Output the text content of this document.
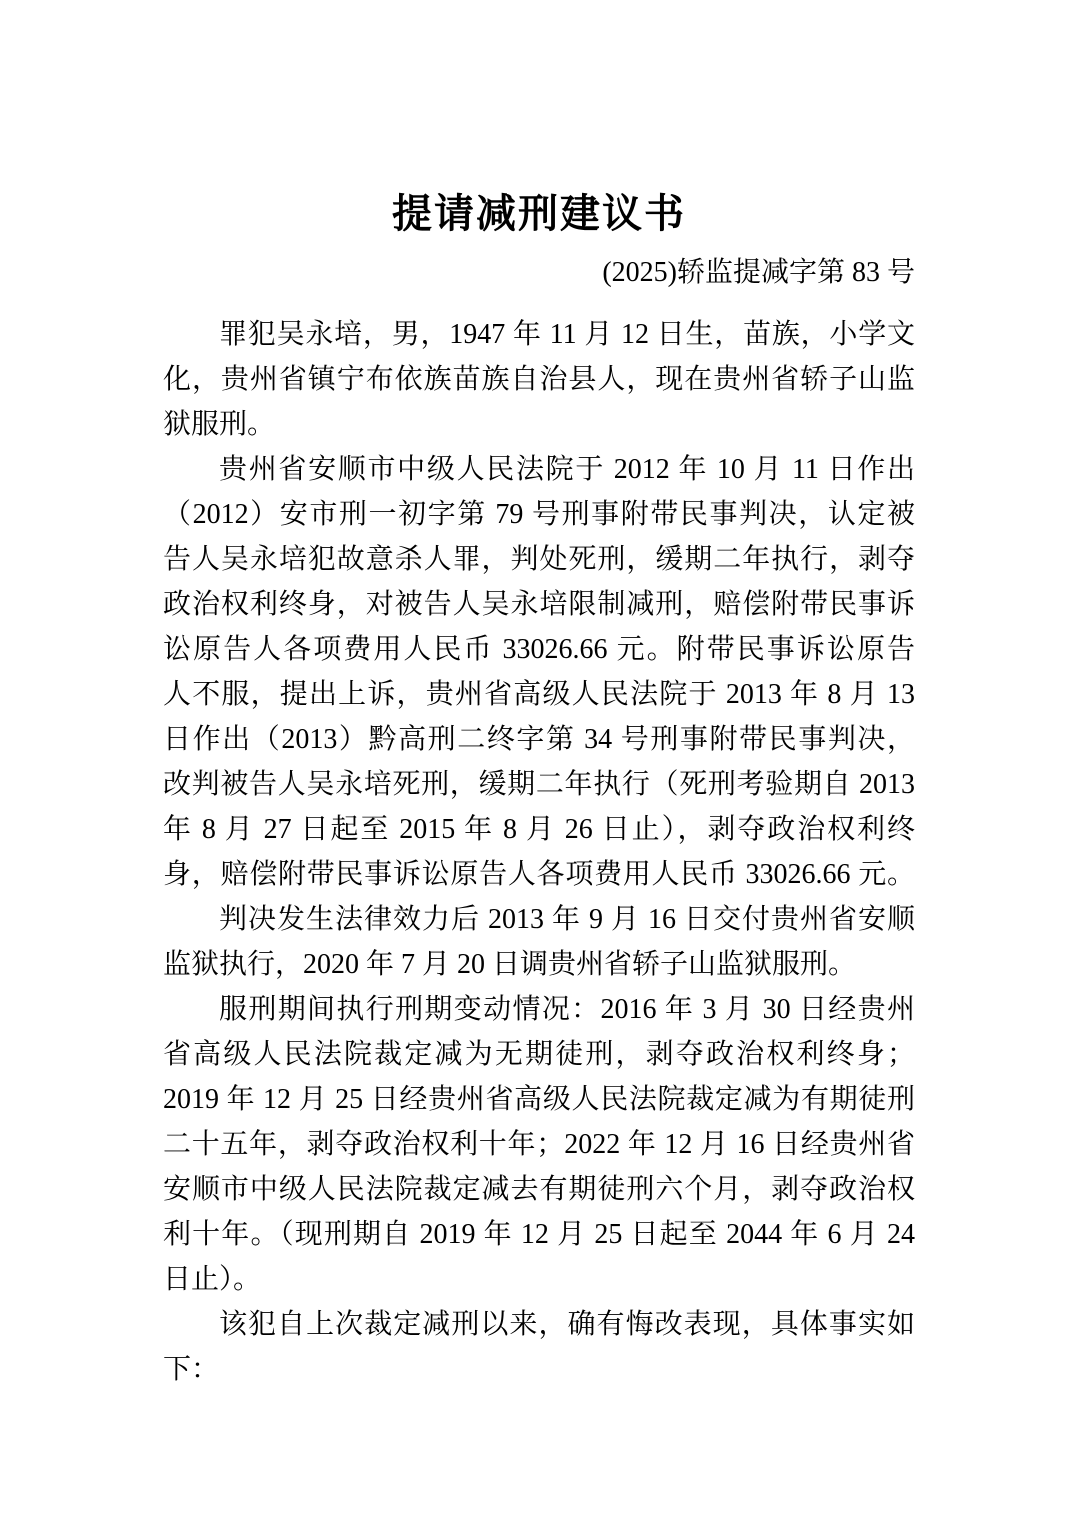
提请减刑建议书
(2025)轿监提减字第 83 号
罪犯吴永培，男，1947 年 11 月 12 日生，苗族，小学文
化，贵州省镇宁布依族苗族自治县人，现在贵州省轿子山监
狱服刑。
贵州省安顺市中级人民法院于 2012 年 10 月 11 日作出
（2012）安市刑一初字第 79 号刑事附带民事判决，认定被
告人吴永培犯故意杀人罪，判处死刑，缓期二年执行，剥夺
政治权利终身，对被告人吴永培限制减刑，赔偿附带民事诉
讼原告人各项费用人民币 33026.66 元。附带民事诉讼原告
人不服，提出上诉，贵州省高级人民法院于 2013 年 8 月 13
日作出（2013）黔高刑二终字第 34 号刑事附带民事判决，
改判被告人吴永培死刑，缓期二年执行（死刑考验期自 2013
年 8 月 27 日起至 2015 年 8 月 26 日止），剥夺政治权利终
身，赔偿附带民事诉讼原告人各项费用人民币 33026.66 元。
判决发生法律效力后 2013 年 9 月 16 日交付贵州省安顺
监狱执行，2020 年 7 月 20 日调贵州省轿子山监狱服刑。
服刑期间执行刑期变动情况：2016 年 3 月 30 日经贵州
省高级人民法院裁定减为无期徒刑，剥夺政治权利终身；
2019 年 12 月 25 日经贵州省高级人民法院裁定减为有期徒刑
二十五年，剥夺政治权利十年；2022 年 12 月 16 日经贵州省
安顺市中级人民法院裁定减去有期徒刑六个月，剥夺政治权
利十年。（现刑期自 2019 年 12 月 25 日起至 2044 年 6 月 24
日止）。
该犯自上次裁定减刑以来，确有悔改表现，具体事实如
下：
